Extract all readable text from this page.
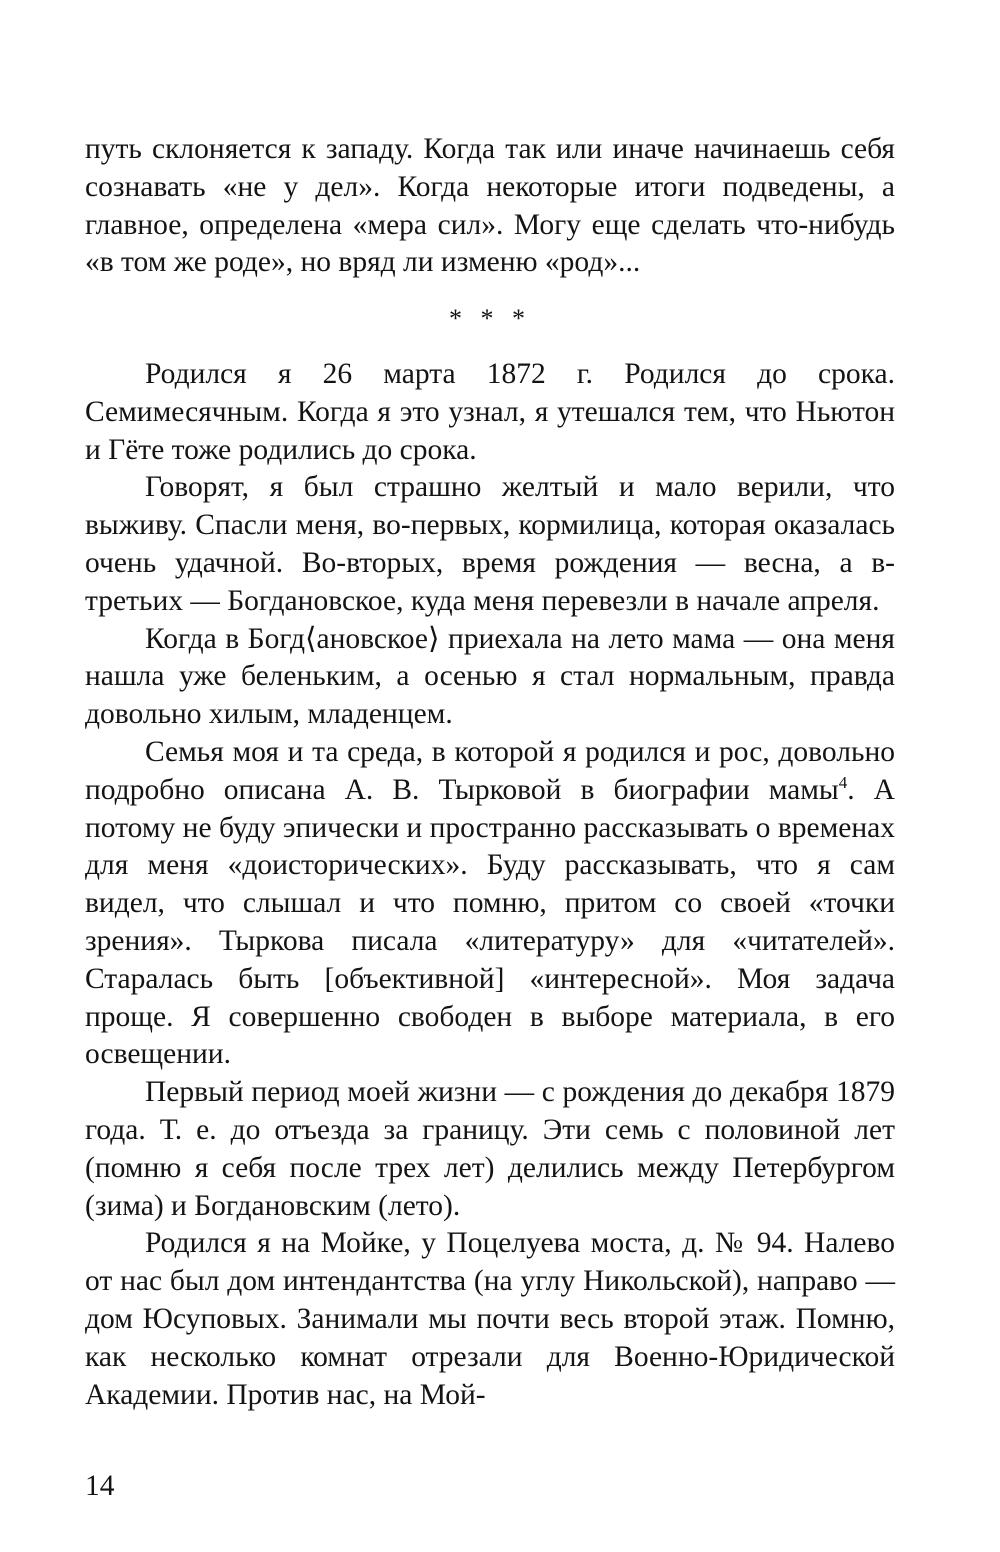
путь склоняется к западу. Когда так или иначе начинаешь себя сознавать «не у дел». Когда некоторые итоги подведены, а главное, определена «мера сил». Могу еще сделать что-нибудь «в том же роде», но вряд ли изменю «род»...

* * *

Родился я 26 марта 1872 г. Родился до срока. Семимесячным. Когда я это узнал, я утешался тем, что Ньютон и Гёте тоже родились до срока.

Говорят, я был страшно желтый и мало верили, что выживу. Спасли меня, во-первых, кормилица, которая оказалась очень удачной. Во-вторых, время рождения — весна, а в-третьих — Богдановское, куда меня перевезли в начале апреля.

Когда в Богд⟨ановское⟩ приехала на лето мама — она меня нашла уже беленьким, а осенью я стал нормальным, правда довольно хилым, младенцем.

Семья моя и та среда, в которой я родился и рос, довольно подробно описана А. В. Тырковой в биографии мамы$^4$. А потому не буду эпически и пространно рассказывать о временах для меня «доисторических». Буду рассказывать, что я сам видел, что слышал и что помню, притом со своей «точки зрения». Тыркова писала «литературу» для «читателей». Старалась быть [объективной] «интересной». Моя задача проще. Я совершенно свободен в выборе материала, в его освещении.

Первый период моей жизни — с рождения до декабря 1879 года. Т. е. до отъезда за границу. Эти семь с половиной лет (помню я себя после трех лет) делились между Петербургом (зима) и Богдановским (лето).

Родился я на Мойке, у Поцелуева моста, д. № 94. Налево от нас был дом интендантства (на углу Никольской), направо — дом Юсуповых. Занимали мы почти весь второй этаж. Помню, как несколько комнат отрезали для Военно-Юридической Академии. Против нас, на Мой-

14
